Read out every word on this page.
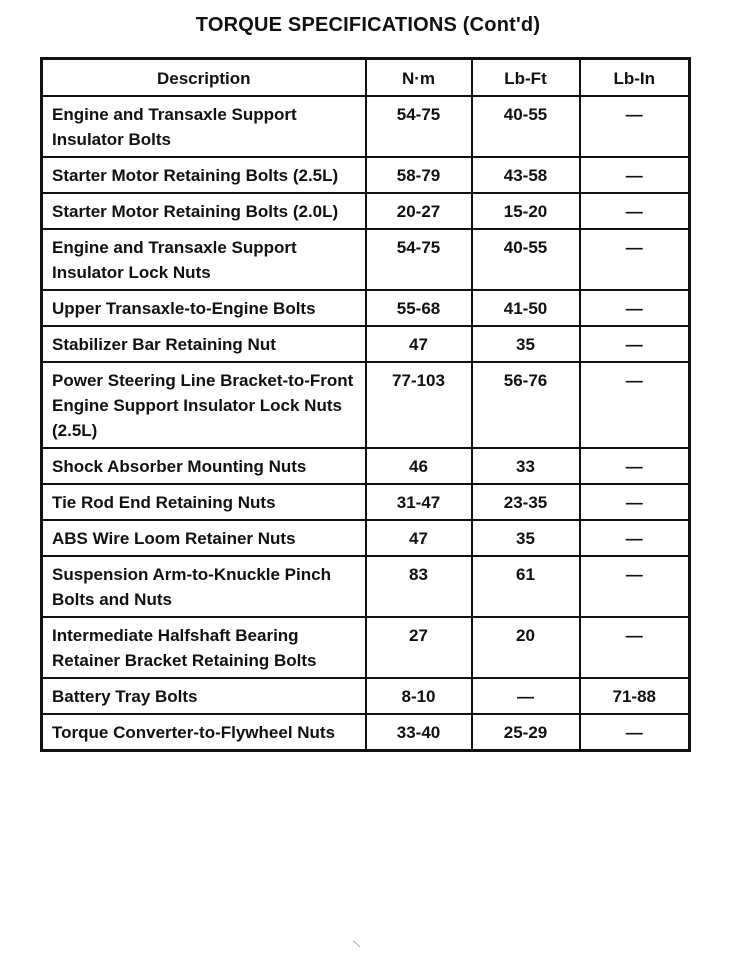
TORQUE SPECIFICATIONS (Cont'd)
Description	N·m	Lb-Ft	Lb-In
Engine and Transaxle Support Insulator Bolts	54-75	40-55	—
Starter Motor Retaining Bolts (2.5L)	58-79	43-58	—
Starter Motor Retaining Bolts (2.0L)	20-27	15-20	—
Engine and Transaxle Support Insulator Lock Nuts	54-75	40-55	—
Upper Transaxle-to-Engine Bolts	55-68	41-50	—
Stabilizer Bar Retaining Nut	47	35	—
Power Steering Line Bracket-to-Front Engine Support Insulator Lock Nuts (2.5L)	77-103	56-76	—
Shock Absorber Mounting Nuts	46	33	—
Tie Rod End Retaining Nuts	31-47	23-35	—
ABS Wire Loom Retainer Nuts	47	35	—
Suspension Arm-to-Knuckle Pinch Bolts and Nuts	83	61	—
Intermediate Halfshaft Bearing Retainer Bracket Retaining Bolts	27	20	—
Battery Tray Bolts	8-10	—	71-88
Torque Converter-to-Flywheel Nuts	33-40	25-29	—
